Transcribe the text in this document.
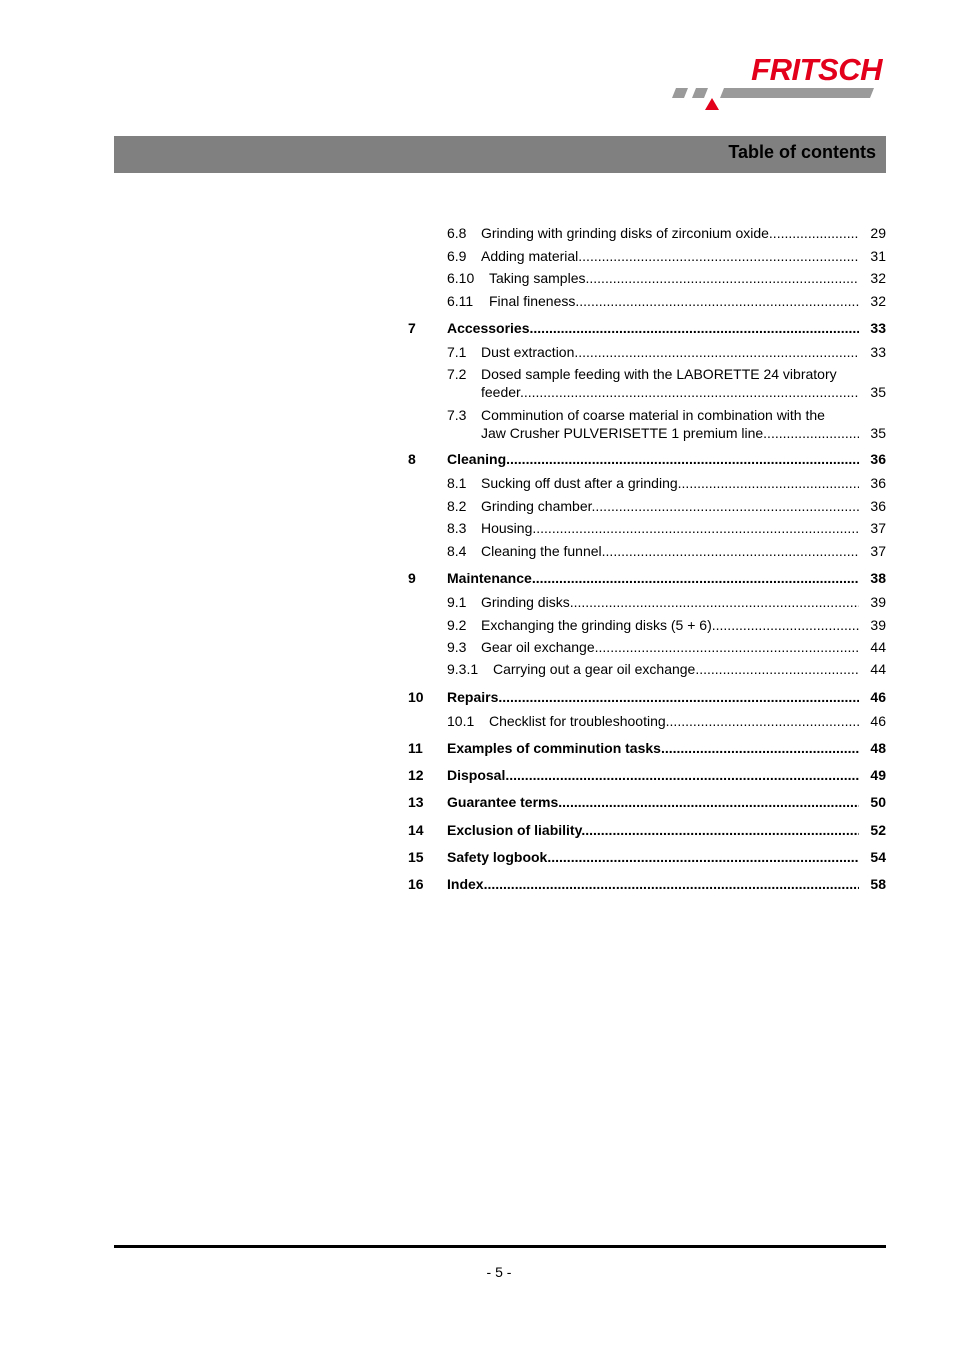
FRITSCH
Table of contents
6.8 Grinding with grinding disks of zirconium oxide .....	29
6.9 Adding material .....	31
6.10 Taking samples .....	32
6.11 Final fineness .....	32
7 Accessories .....	33
7.1 Dust extraction .....	33
7.2 Dosed sample feeding with the LABORETTE 24 vibratory
feeder .....	35
7.3 Comminution of coarse material in combination with the
Jaw Crusher PULVERISETTE 1 premium line .....	35
8 Cleaning .....	36
8.1 Sucking off dust after a grinding .....	36
8.2 Grinding chamber .....	36
8.3 Housing .....	37
8.4 Cleaning the funnel .....	37
9 Maintenance .....	38
9.1 Grinding disks .....	39
9.2 Exchanging the grinding disks (5 + 6) .....	39
9.3 Gear oil exchange .....	44
9.3.1 Carrying out a gear oil exchange .....	44
10 Repairs .....	46
10.1 Checklist for troubleshooting .....	46
11 Examples of comminution tasks .....	48
12 Disposal .....	49
13 Guarantee terms .....	50
14 Exclusion of liability .....	52
15 Safety logbook .....	54
16 Index .....	58
- 5 -
